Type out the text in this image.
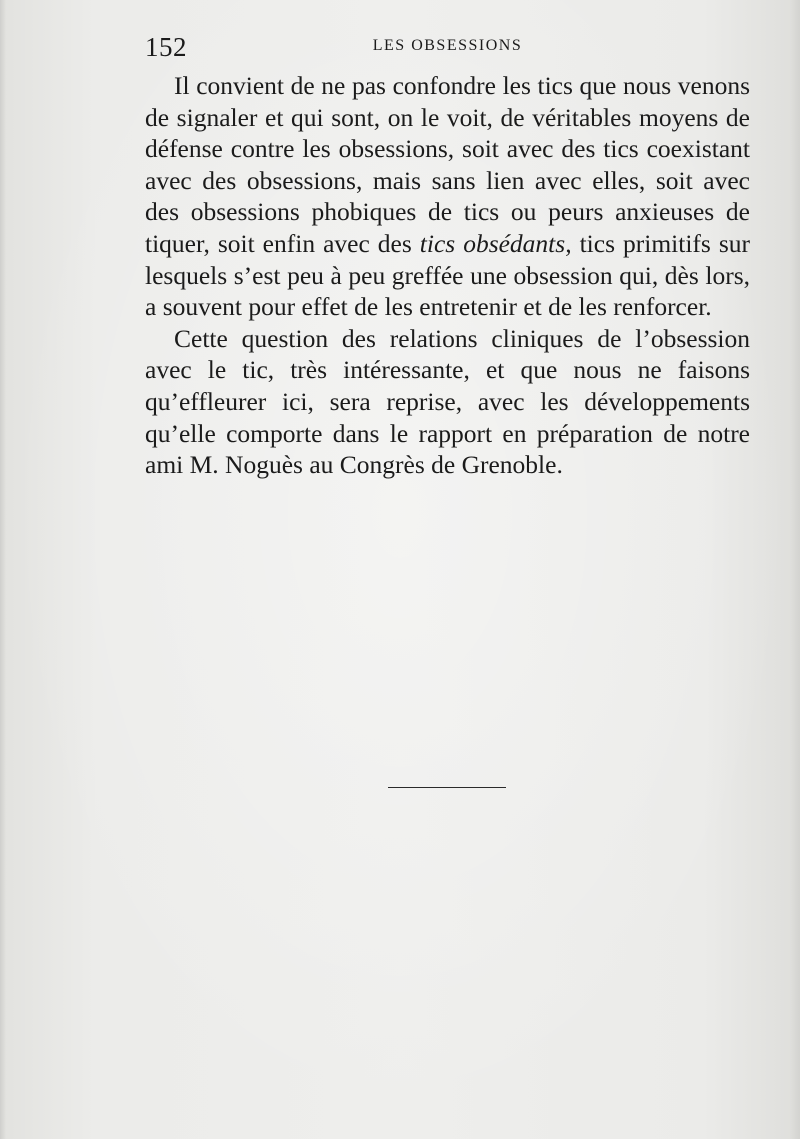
152	LES OBSESSIONS

Il convient de ne pas confondre les tics que nous venons de signaler et qui sont, on le voit, de véritables moyens de défense contre les obsessions, soit avec des tics coexistant avec des obsessions, mais sans lien avec elles, soit avec des obsessions phobiques de tics ou peurs anxieuses de tiquer, soit enfin avec des tics obsédants, tics primitifs sur lesquels s’est peu à peu greffée une obsession qui, dès lors, a souvent pour effet de les entretenir et de les renforcer.

Cette question des relations cliniques de l’obsession avec le tic, très intéressante, et que nous ne faisons qu’effleurer ici, sera reprise, avec les développements qu’elle comporte dans le rapport en préparation de notre ami M. Noguès au Congrès de Grenoble.
